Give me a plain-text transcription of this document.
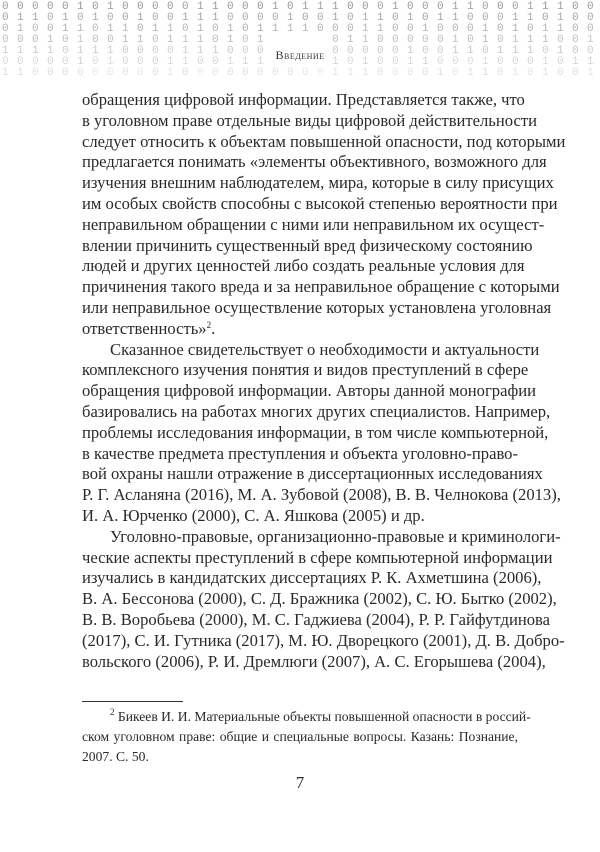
0
0
0
0
1
0
1
0
1
1
0
1
0
1
0
1
0
0
1
0
0
0
0
0
1
1
0
0
0
1
1
0
0
0
0
1
0
1
1
1
1
0
0
1
0
0
1
0
0
1
0
1
0
1
1
0
0
0
1
1
0
0
0
0
1
0
1
0
0
0
0
0
1
0
0
0
0
0
0
1
1
0
1
1
0
1
0
1
1
1
0
1
1
1
1
1
0
0
1
1
0
0
1
0
0
0
0
1
1
0
1
0
0
0
0
0
0
1
0
0
0
1
1
0
1
0
1
0
1
0
0
1
1
0
1
0
1
0
1
0
0
0
1
1
0
0
0
1
1
0
0
0
1
0
0
1
0
1
1
1
0
1
1
0
1
1
0
0
0
0
1
0
0
0
0
0
0
0
1
0
0
1
1
0
0
0
1
0
0
1
0
0
1
0
0
0
0
1
1
1
0
1
1
0
0
1
0
0
0
1
0
1
0
0
1
1
0
1
1
0
0
0
0
1
0
0
0
1
1
1
1
0
1
1
1
0
1
1
0
0
1
0
1
1
0
1
1
1
1
1
0
1
0
0
0
0
0
0
0
1
0
0
0
0
1
0
1
1
Введение
обращения цифровой информации. Представляется также, что
в уголовном праве отдельные виды цифровой действительности
следует относить к объектам повышенной опасности, под которыми
предлагается понимать «элементы объективного, возможного для
изучения внешним наблюдателем, мира, которые в силу присущих
им особых свойств способны с высокой степенью вероятности при
неправильном обращении с ними или неправильном их осущест-
влении причинить существенный вред физическому состоянию
людей и других ценностей либо создать реальные условия для
причинения такого вреда и за неправильное обращение с которыми
или неправильное осуществление которых установлена уголовная
ответственность»$^2$.
Сказанное свидетельствует о необходимости и актуальности
комплексного изучения понятия и видов преступлений в сфере
обращения цифровой информации. Авторы данной монографии
базировались на работах многих других специалистов. Например,
проблемы исследования информации, в том числе компьютерной,
в качестве предмета преступления и объекта уголовно-право-
вой охраны нашли отражение в диссертационных исследованиях
Р. Г. Асланяна (2016), М. А. Зубовой (2008), В. В. Челнокова (2013),
И. А. Юрченко (2000), С. А. Яшкова (2005) и др.
Уголовно-правовые, организационно-правовые и криминологи-
ческие аспекты преступлений в сфере компьютерной информации
изучались в кандидатских диссертациях Р. К. Ахметшина (2006),
В. А. Бессонова (2000), С. Д. Бражника (2002), С. Ю. Бытко (2002),
В. В. Воробьева (2000), М. С. Гаджиева (2004), Р. Р. Гайфутдинова
(2017), С. И. Гутника (2017), М. Ю. Дворецкого (2001), Д. В. Добро-
вольского (2006), Р. И. Дремлюги (2007), А. С. Егорышева (2004),
$^2$ Бикеев И. И. Материальные объекты повышенной опасности в россий-
ском уголовном праве: общие и специальные вопросы. Казань: Познание,
2007. С. 50.
7
